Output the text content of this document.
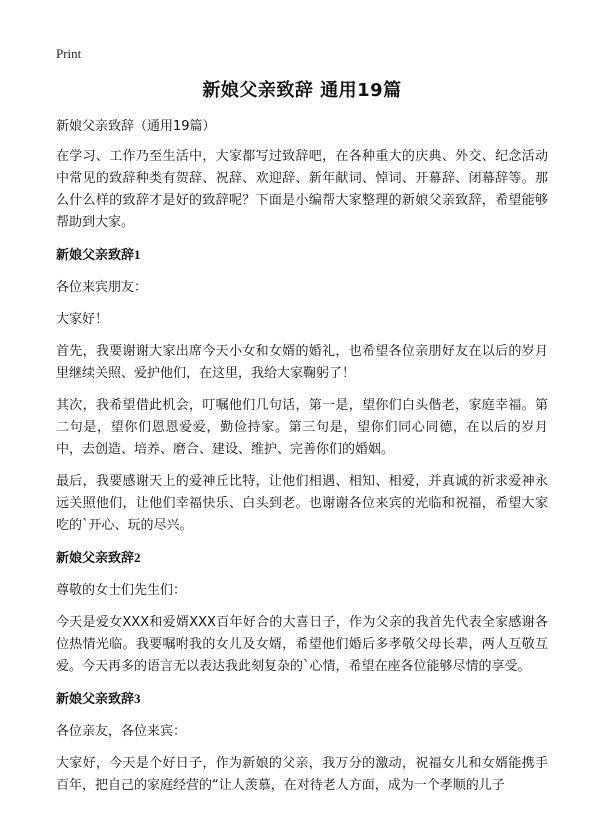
Print
新娘父亲致辞 通用19篇
新娘父亲致辞（通用19篇）

在学习、工作乃至生活中，大家都写过致辞吧，在各种重大的庆典、外交、纪念活动中常见的致辞种类有贺辞、祝辞、欢迎辞、新年献词、悼词、开幕辞、闭幕辞等。那么什么样的致辞才是好的致辞呢？下面是小编帮大家整理的新娘父亲致辞，希望能够帮助到大家。

新娘父亲致辞1

各位来宾朋友：

大家好！

首先，我要谢谢大家出席今天小女和女婿的婚礼，也希望各位亲朋好友在以后的岁月里继续关照、爱护他们，在这里，我给大家鞠躬了！

其次，我希望借此机会，叮嘱他们几句话，第一是，望你们白头偕老，家庭幸福。第二句是，望你们恩恩爱爱，勤俭持家。第三句是，望你们同心同德，在以后的岁月中，去创造、培养、磨合、建设、维护、完善你们的婚姻。

最后，我要感谢天上的爱神丘比特，让他们相遇、相知、相爱，并真诚的祈求爱神永远关照他们，让他们幸福快乐、白头到老。也谢谢各位来宾的光临和祝福，希望大家吃的`开心、玩的尽兴。

新娘父亲致辞2

尊敬的女士们先生们：

今天是爱女XXX和爱婿XXX百年好合的大喜日子，作为父亲的我首先代表全家感谢各位热情光临。我要嘱咐我的女儿及女婿，希望他们婚后多孝敬父母长辈，两人互敬互爱。今天再多的语言无以表达我此刻复杂的`心情，希望在座各位能够尽情的享受。

新娘父亲致辞3

各位亲友，各位来宾：

大家好，今天是个好日子，作为新娘的父亲，我万分的激动，祝福女儿和女婿能携手百年，把自己的家庭经营的“让人羡慕，在对待老人方面，成为一个孝顺的儿子
